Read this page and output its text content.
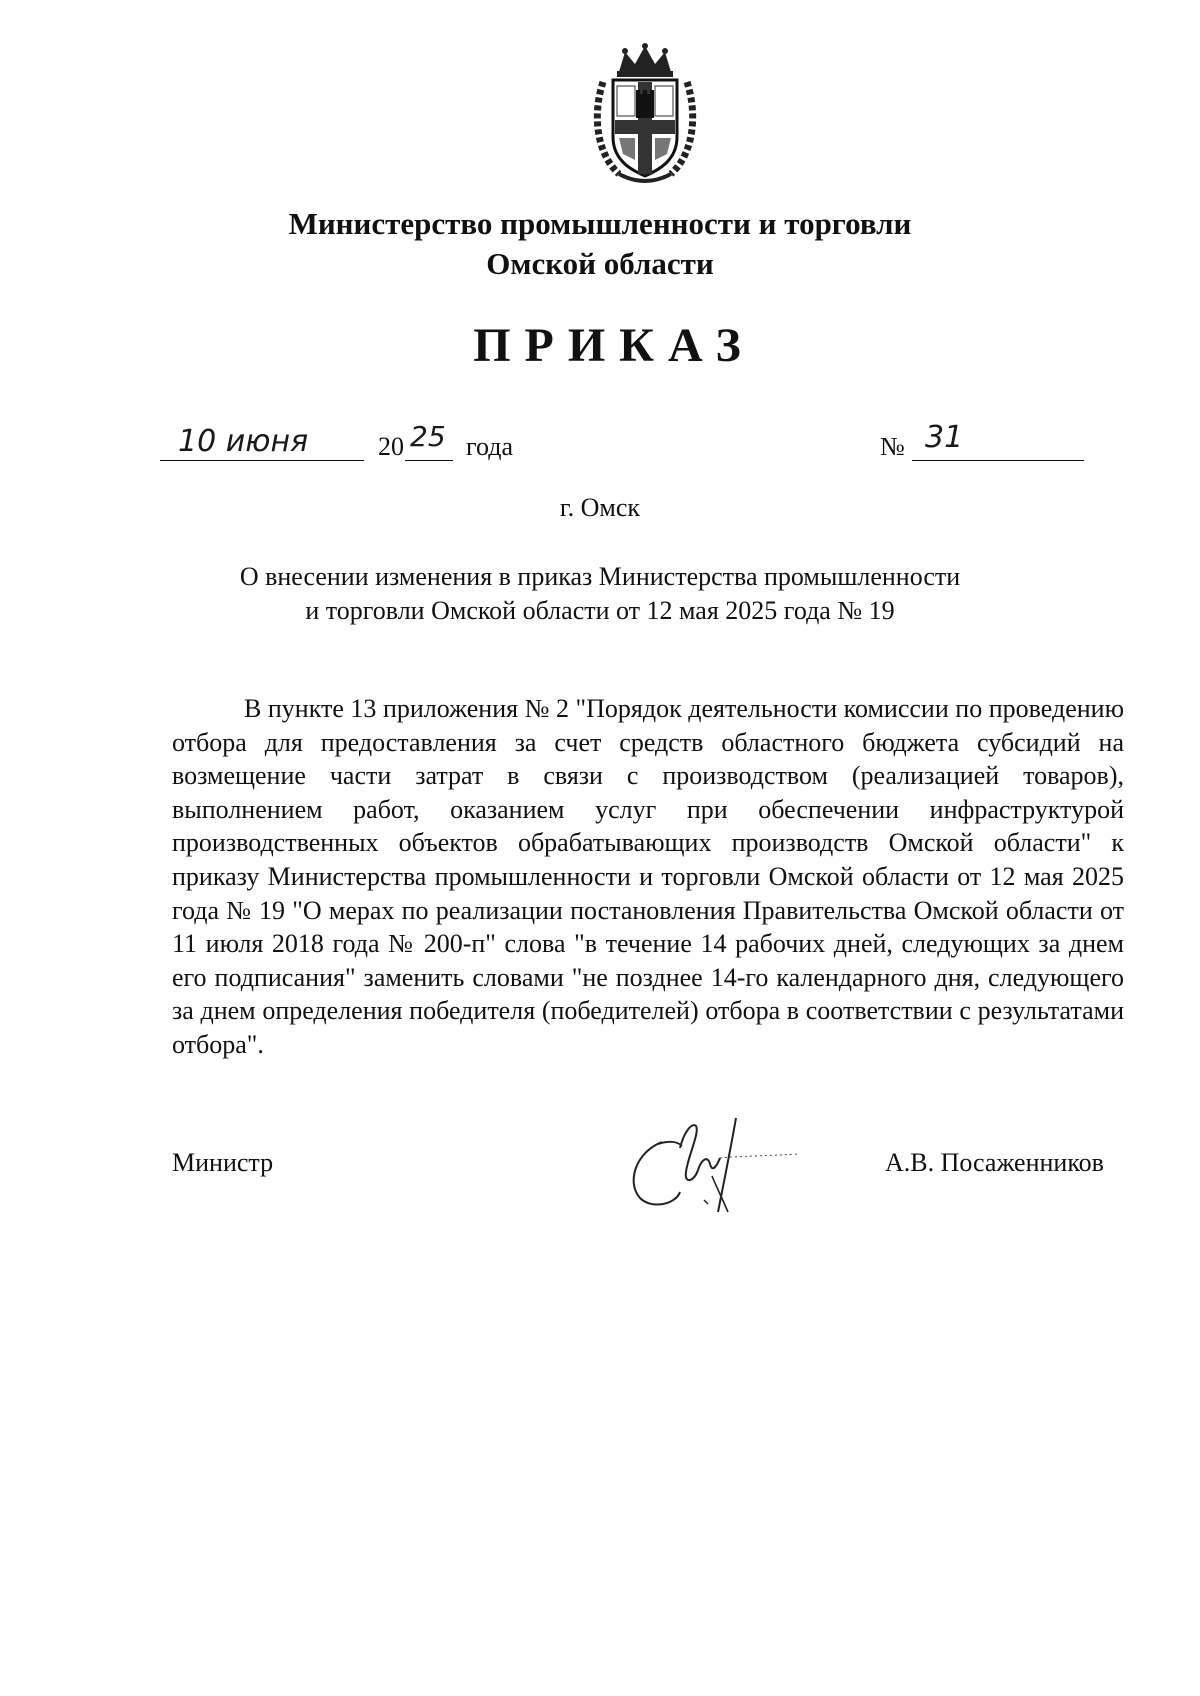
Министерство промышленности и торговли
Омской области
ПРИКАЗ
10 июня	20 25 года	№ 31
г. Омск
О внесении изменения в приказ Министерства промышленности
и торговли Омской области от 12 мая 2025 года № 19
В пункте 13 приложения № 2 "Порядок деятельности комиссии по проведению отбора для предоставления за счет средств областного бюджета субсидий на возмещение части затрат в связи с производством (реализацией товаров), выполнением работ, оказанием услуг при обеспечении инфраструктурой производственных объектов обрабатывающих производств Омской области" к приказу Министерства промышленности и торговли Омской области от 12 мая 2025 года № 19 "О мерах по реализации постановления Правительства Омской области от 11 июля 2018 года № 200-п" слова "в течение 14 рабочих дней, следующих за днем его подписания" заменить словами "не позднее 14-го календарного дня, следующего за днем определения победителя (победителей) отбора в соответствии с результатами отбора".
Министр	А.В. Посаженников
